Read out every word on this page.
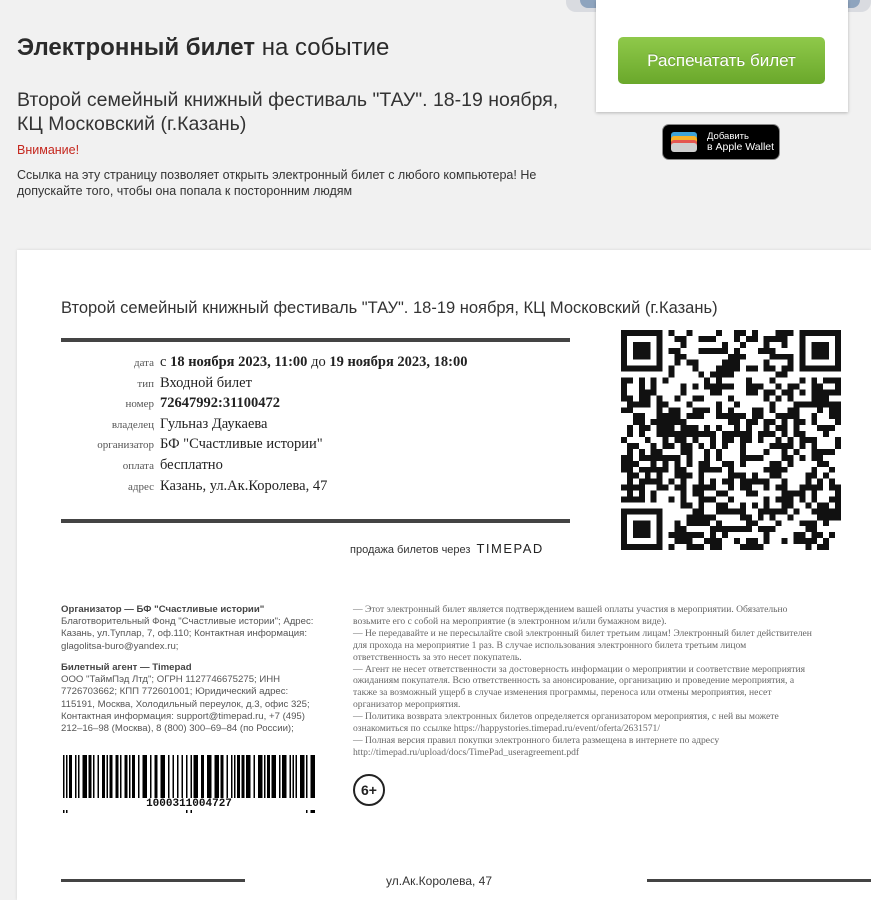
Электронный билет на событие
Второй семейный книжный фестиваль "ТАУ". 18-19 ноября, КЦ Московский (г.Казань)
Внимание!
Ссылка на эту страницу позволяет открыть электронный билет с любого компьютера! Не допускайте того, чтобы она попала к посторонним людям
Распечатать билет
Добавить
в Apple Wallet
Второй семейный книжный фестиваль "ТАУ". 18-19 ноября, КЦ Московский (г.Казань)
дата с 18 ноября 2023, 11:00 до 19 ноября 2023, 18:00
тип Входной билет
номер 72647992:31100472
владелец Гульназ Даукаева
организатор БФ "Счастливые истории"
оплата бесплатно
адрес Казань, ул.Ак.Королева, 47
продажа билетов через TIMEPAD
Организатор — БФ "Счастливые истории"
Благотворительный Фонд "Счастливые истории"; Адрес: Казань, ул.Туплар, 7, оф.110; Контактная информация: glagolitsa-buro@yandex.ru;
Билетный агент — Timepad
ООО "ТаймПэд Лтд"; ОГРН 1127746675275; ИНН 7726703662; КПП 772601001; Юридический адрес: 115191, Москва, Холодильный переулок, д.3, офис 325; Контактная информация: support@timepad.ru, +7 (495) 212–16–98 (Москва), 8 (800) 300–69–84 (по России);
1000311004727

— Этот электронный билет является подтверждением вашей оплаты участия в мероприятии. Обязательно возьмите его с собой на мероприятие (в электронном и/или бумажном виде).

— Не передавайте и не пересылайте свой электронный билет третьим лицам! Электронный билет действителен для прохода на мероприятие 1 раз. В случае использования электронного билета третьим лицом ответственность за это несет покупатель.

— Агент не несет ответственности за достоверность информации о мероприятии и соответствие мероприятия ожиданиям покупателя. Всю ответственность за анонсирование, организацию и проведение мероприятия, а также за возможный ущерб в случае изменения программы, переноса или отмены мероприятия, несет организатор мероприятия.

— Политика возврата электронных билетов определяется организатором мероприятия, с ней вы можете ознакомиться по ссылке https://happystories.timepad.ru/event/oferta/2631571/

— Полная версия правил покупки электронного билета размещена в интернете по адресу http://timepad.ru/upload/docs/TimePad_useragreement.pdf

6+
ул.Ак.Королева, 47
